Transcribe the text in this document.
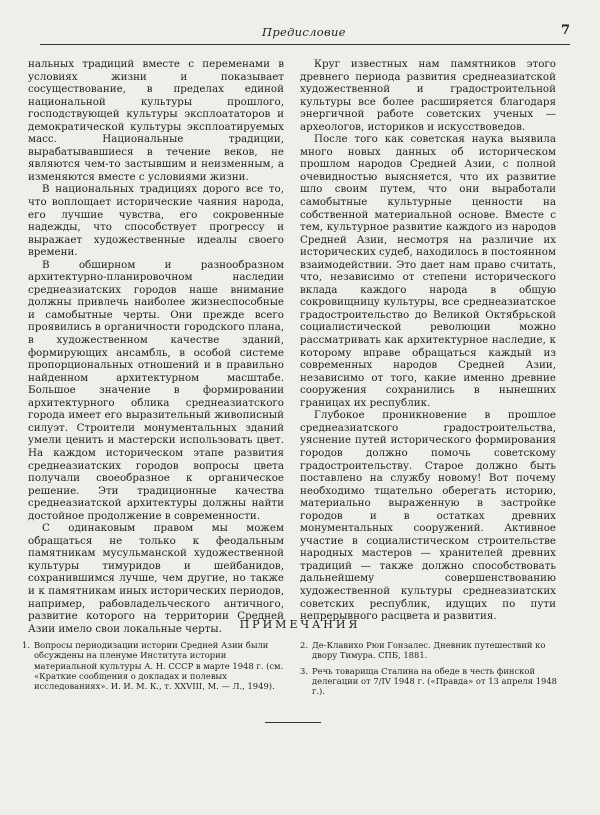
Предисловие	7

нальных традиций вместе с переменами в условиях жизни и показывает сосуществование, в пределах единой национальной культуры прошлого, господствующей культуры эксплоататоров и демократической культуры эксплоатируемых масс. Национальные традиции, вырабатывавшиеся в течение веков, не являются чем-то застывшим и неизменным, а изменяются вместе с условиями жизни.

В национальных традициях дорого все то, что воплощает исторические чаяния народа, его лучшие чувства, его сокровенные надежды, что способствует прогрессу и выражает художественные идеалы своего времени.

В обширном и разнообразном архитектурно-планировочном наследии среднеазиатских городов наше внимание должны привлечь наиболее жизнеспособные и самобытные черты. Они прежде всего проявились в органичности городского плана, в художественном качестве зданий, формирующих ансамбль, в особой системе пропорциональных отношений и в правильно найденном архитектурном масштабе. Большое значение в формировании архитектурного облика среднеазиатского города имеет его выразительный живописный силуэт. Строители монументальных зданий умели ценить и мастерски использовать цвет. На каждом историческом этапе развития среднеазиатских городов вопросы цвета получали своеобразное к органическое решение. Эти традиционные качества среднеазиатской архитектуры должны найти достойное продолжение в современности.

С одинаковым правом мы можем обращаться не только к феодальным памятникам мусульманской художественной культуры тимуридов и шейбанидов, сохранившимся лучше, чем другие, но также и к памятникам иных исторических периодов, например, рабовладельческого античного, развитие которого на территории Средней Азии имело свои локальные черты.

Круг известных нам памятников этого древнего периода развития среднеазиатской художественной и градостроительной культуры все более расширяется благодаря энергичной работе советских ученых — археологов, историков и искусствоведов.

После того как советская наука выявила много новых данных об историческом прошлом народов Средней Азии, с полной очевидностью выясняется, что их развитие шло своим путем, что они выработали самобытные культурные ценности на собственной материальной основе. Вместе с тем, культурное развитие каждого из народов Средней Азии, несмотря на различие их исторических судеб, находилось в постоянном взаимодействии. Это дает нам право считать, что, независимо от степени исторического вклада каждого народа в общую сокровищницу культуры, все среднеазиатское градостроительство до Великой Октябрьской социалистической революции можно рассматривать как архитектурное наследие, к которому вправе обращаться каждый из современных народов Средней Азии, независимо от того, какие именно древние сооружения сохранились в нынешних границах их республик.

Глубокое проникновение в прошлое среднеазиатского градостроительства, уяснение путей исторического формирования городов должно помочь советскому градостроительству. Старое должно быть поставлено на службу новому! Вот почему необходимо тщательно оберегать историю, материально выраженную в застройке городов и в остатках древних монументальных сооружений. Активное участие в социалистическом строительстве народных мастеров — хранителей древних традиций — также должно способствовать дальнейшему совершенствованию художественной культуры среднеазиатских советских республик, идущих по пути непрерывного расцвета и развития.

ПРИМЕЧАНИЯ
1. Вопросы периодизации истории Средней Азии были обсуждены на пленуме Института истории материальной культуры А. Н. СССР в марте 1948 г. (см. «Краткие сообщения о докладах и полевых исследованиях». И. И. М. К., т. XXVIII, М. — Л., 1949).
2. Де-Клавихо Рюи Гонзалес. Дневник путешествий ко двору Тимура. СПБ, 1881.
3. Речь товарища Сталина на обеде в честь финской делегации от 7/IV 1948 г. («Правда» от 13 апреля 1948 г.).
